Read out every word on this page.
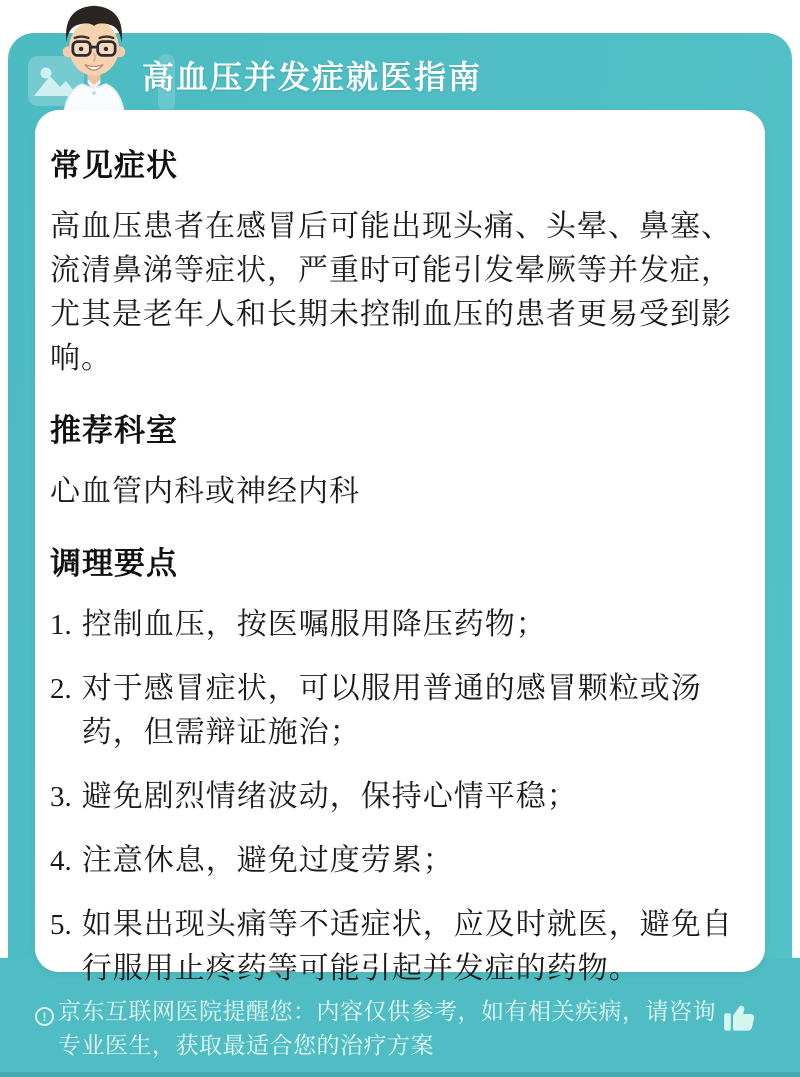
高血压并发症就医指南
常见症状
高血压患者在感冒后可能出现头痛、头晕、鼻塞、流清鼻涕等症状，严重时可能引发晕厥等并发症，尤其是老年人和长期未控制血压的患者更易受到影响。
推荐科室
心血管内科或神经内科
调理要点
1. 控制血压，按医嘱服用降压药物；
2. 对于感冒症状，可以服用普通的感冒颗粒或汤药，但需辩证施治；
3. 避免剧烈情绪波动，保持心情平稳；
4. 注意休息，避免过度劳累；
5. 如果出现头痛等不适症状，应及时就医，避免自行服用止疼药等可能引起并发症的药物。
! 京东互联网医院提醒您：内容仅供参考，如有相关疾病，请咨询专业医生，获取最适合您的治疗方案
